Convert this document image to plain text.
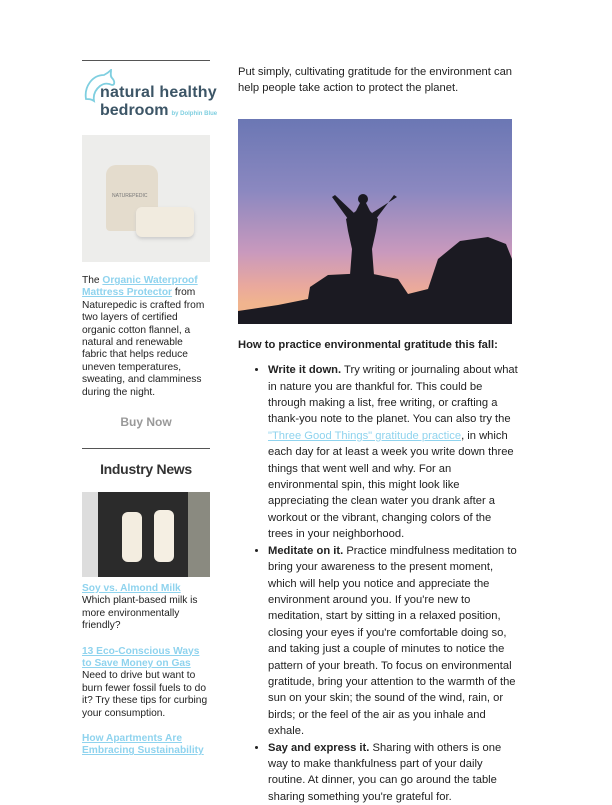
natural healthy
bedroom by Dolphin Blue
NATUREPEDIC
The Organic Waterproof Mattress Protector from Naturepedic is crafted from two layers of certified organic cotton flannel, a natural and renewable fabric that helps reduce uneven temperatures, sweating, and clamminess during the night.
Buy Now
Industry News
Soy vs. Almond Milk
Which plant-based milk is more environmentally friendly?
13 Eco-Conscious Ways to Save Money on Gas
Need to drive but want to burn fewer fossil fuels to do it? Try these tips for curbing your consumption.
How Apartments Are Embracing Sustainability
Put simply, cultivating gratitude for the environment can help people take action to protect the planet.
How to practice environmental gratitude this fall:
• Write it down. Try writing or journaling about what in nature you are thankful for. This could be through making a list, free writing, or crafting a thank-you note to the planet. You can also try the "Three Good Things" gratitude practice, in which each day for at least a week you write down three things that went well and why. For an environmental spin, this might look like appreciating the clean water you drank after a workout or the vibrant, changing colors of the trees in your neighborhood.
• Meditate on it. Practice mindfulness meditation to bring your awareness to the present moment, which will help you notice and appreciate the environment around you. If you're new to meditation, start by sitting in a relaxed position, closing your eyes if you're comfortable doing so, and taking just a couple of minutes to notice the pattern of your breath. To focus on environmental gratitude, bring your attention to the warmth of the sun on your skin; the sound of the wind, rain, or birds; or the feel of the air as you inhale and exhale.
• Say and express it. Sharing with others is one way to make thankfulness part of your daily routine. At dinner, you can go around the table sharing something you're grateful for.
